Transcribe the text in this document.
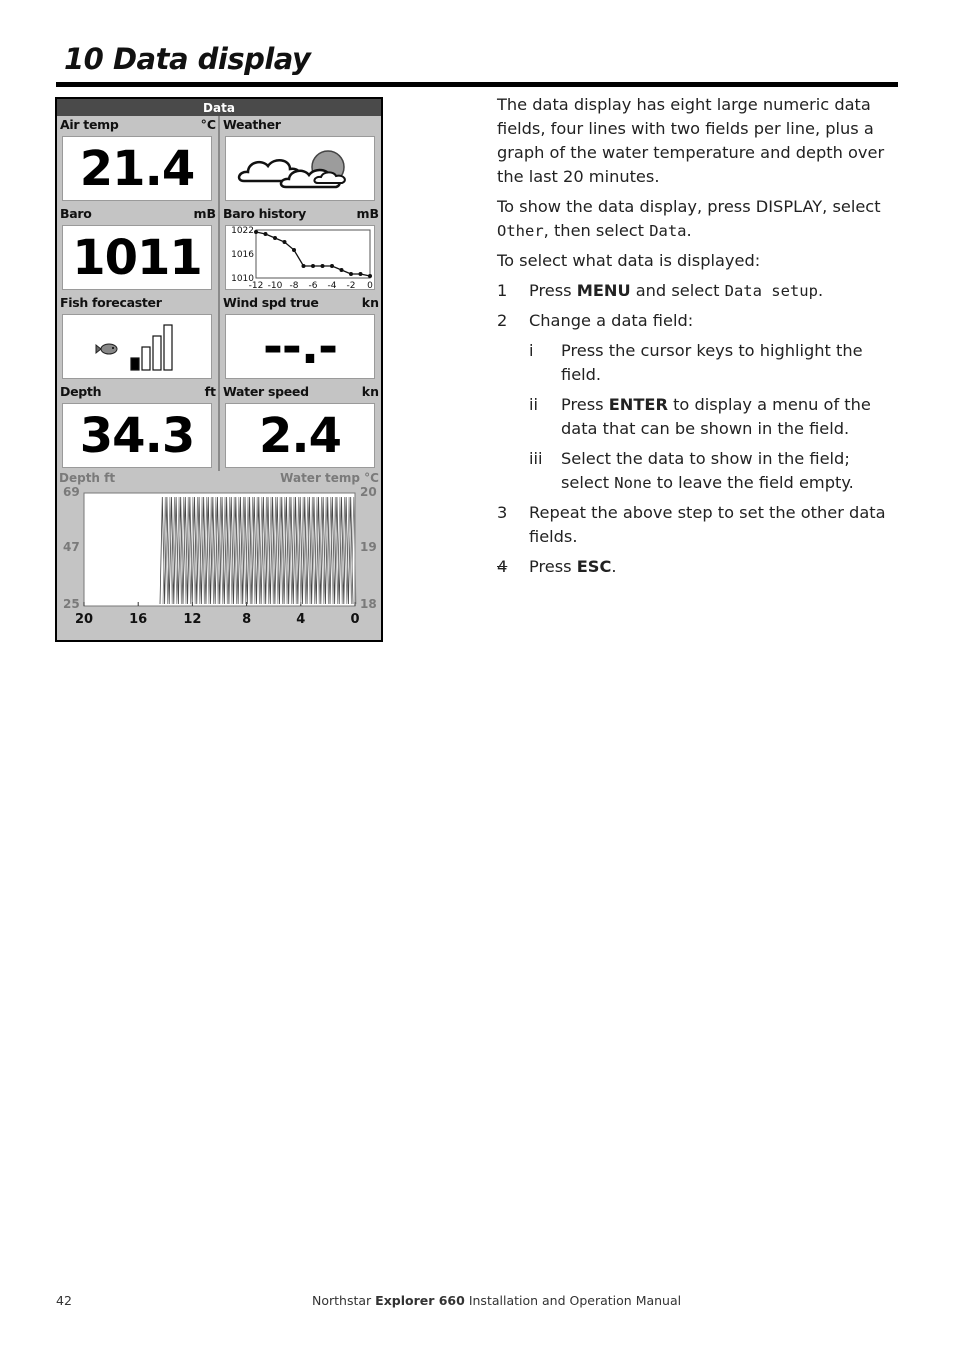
10 Data display
Data
Air temp	°C
21.4
Weather
Baro	mB
1011
Baro history	mB
1022
1016
1010
-12 -10 -8 -6 -4 -2 0
Fish forecaster	Wind spd true	kn
--.-
Depth	ft
34.3
Water speed	kn
2.4
Depth ft	Water temp °C
69
47
25
20
19
18
20	16	12	8	4	0

The data display has eight large numeric data fields, four lines with two fields per line, plus a graph of the water temperature and depth over the last 20 minutes.

To show the data display, press DISPLAY, select Other, then select Data.

To select what data is displayed:

1 Press MENU and select Data setup.
2 Change a data field:
i Press the cursor keys to highlight the field.
ii Press ENTER to display a menu of the data that can be shown in the field.
iii Select the data to show in the field; select None to leave the field empty.
3 Repeat the above step to set the other data fields.
4 Press ESC.
42	Northstar Explorer 660 Installation and Operation Manual
